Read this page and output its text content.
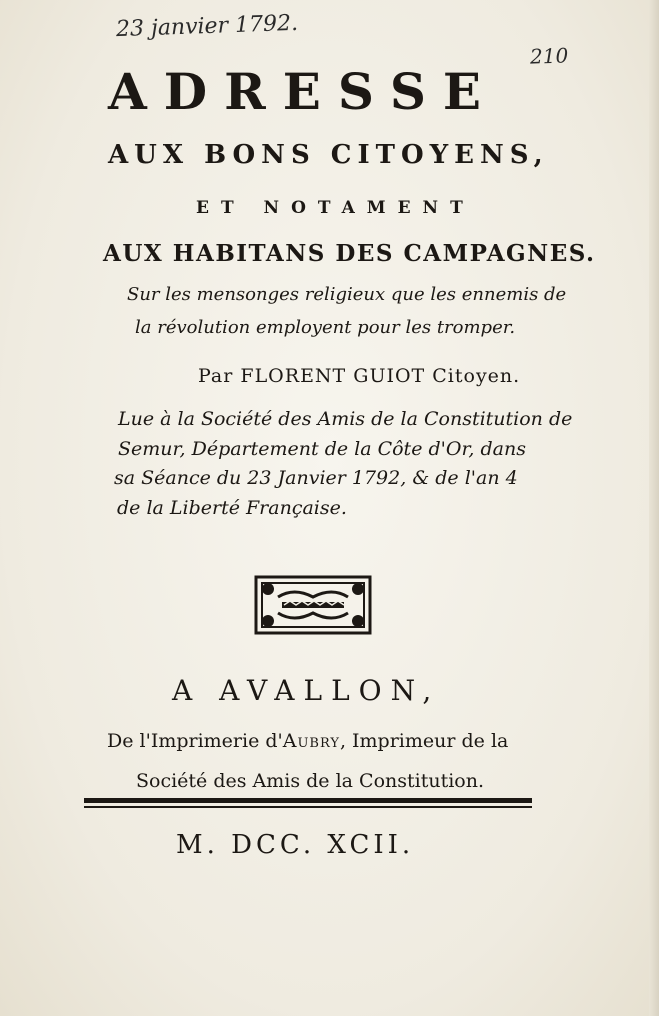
23 janvier 1792.
210
ADRESSE
AUX BONS CITOYENS,
ET NOTAMENT
AUX HABITANS DES CAMPAGNES.
Sur les mensonges religieux que les ennemis de
la révolution employent pour les tromper.
Par FLORENT GUIOT Citoyen.
Lue à la Société des Amis de la Constitution de
Semur, Département de la Côte d'Or, dans
sa Séance du 23 Janvier 1792, & de l'an 4
de la Liberté Française.
A AVALLON,
De l'Imprimerie d'Aubry, Imprimeur de la
Société des Amis de la Constitution.
M. DCC. XCII.
